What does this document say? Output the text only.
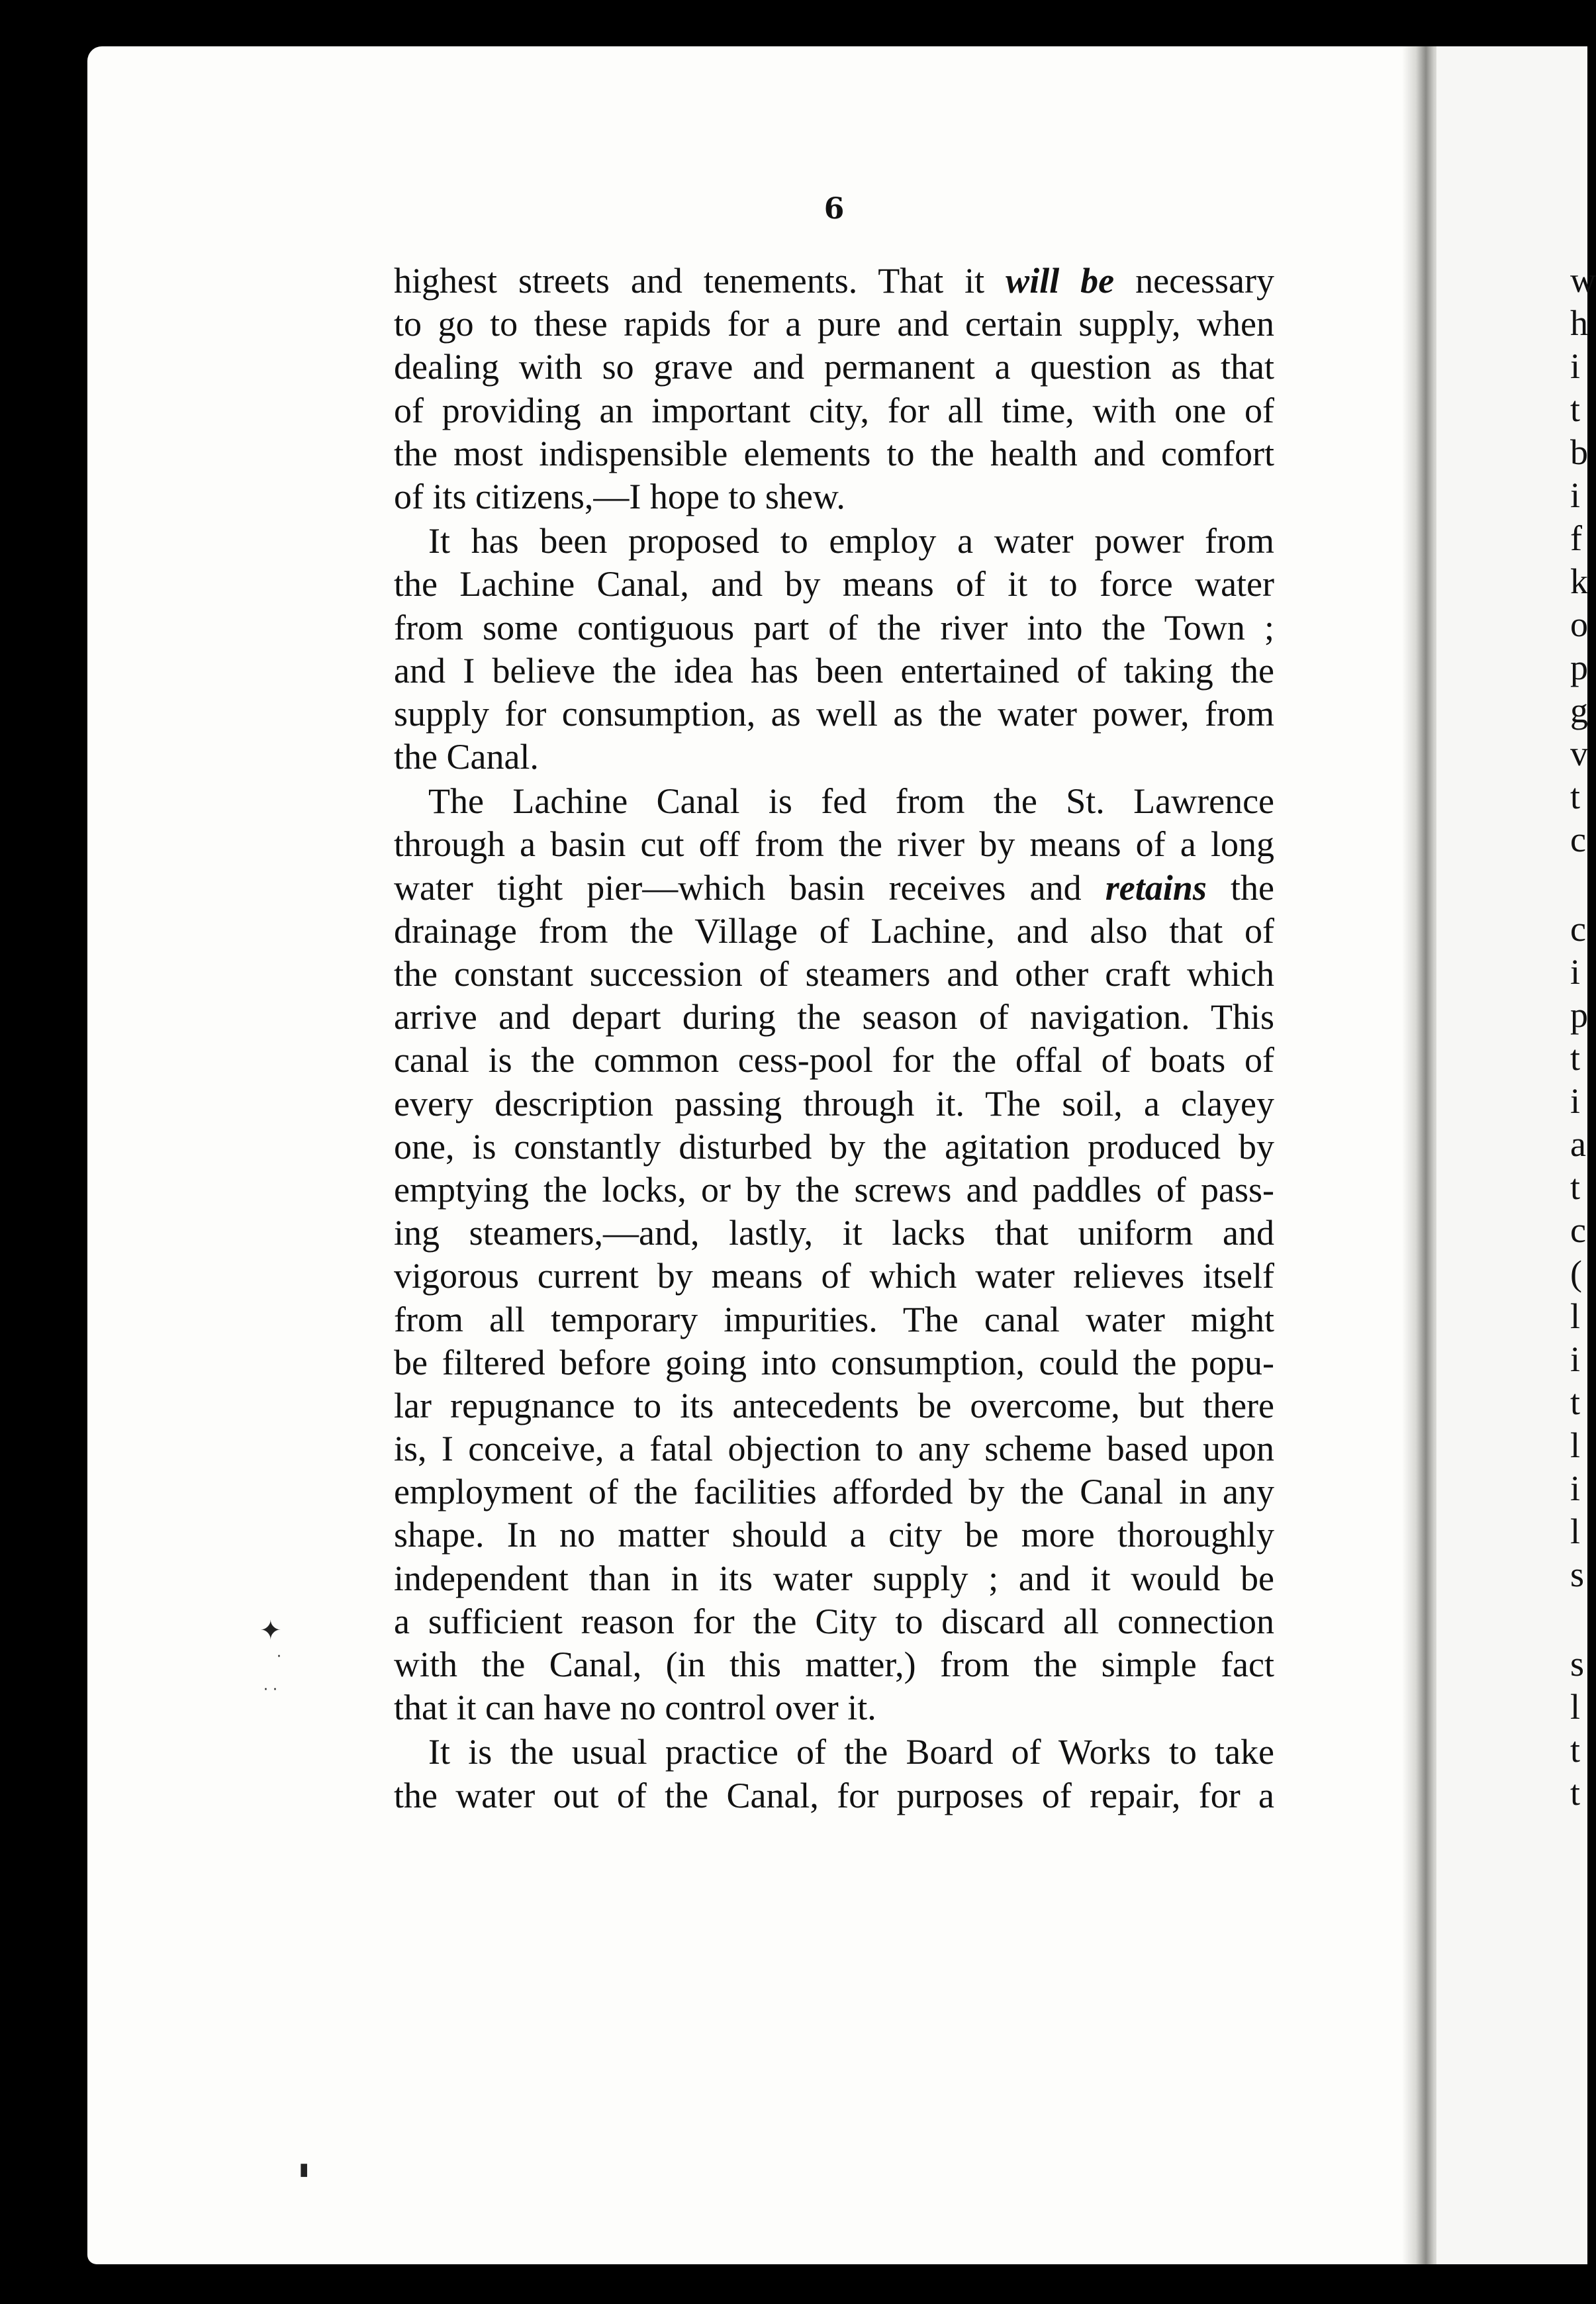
6

highest streets and tenements. That it will be necessary
to go to these rapids for a pure and certain supply, when
dealing with so grave and permanent a question as that
of providing an important city, for all time, with one of
the most indispensible elements to the health and comfort
of its citizens,—I hope to shew.
It has been proposed to employ a water power from
the Lachine Canal, and by means of it to force water
from some contiguous part of the river into the Town ;
and I believe the idea has been entertained of taking the
supply for consumption, as well as the water power, from
the Canal.
The Lachine Canal is fed from the St. Lawrence
through a basin cut off from the river by means of a long
water tight pier—which basin receives and retains the
drainage from the Village of Lachine, and also that of
the constant succession of steamers and other craft which
arrive and depart during the season of navigation. This
canal is the common cess-pool for the offal of boats of
every description passing through it. The soil, a clayey
one, is constantly disturbed by the agitation produced by
emptying the locks, or by the screws and paddles of pass-
ing steamers,—and, lastly, it lacks that uniform and
vigorous current by means of which water relieves itself
from all temporary impurities. The canal water might
be filtered before going into consumption, could the popu-
lar repugnance to its antecedents be overcome, but there
is, I conceive, a fatal objection to any scheme based upon
employment of the facilities afforded by the Canal in any
shape. In no matter should a city be more thoroughly
independent than in its water supply ; and it would be
a sufficient reason for the City to discard all connection
with the Canal, (in this matter,) from the simple fact
that it can have no control over it.
It is the usual practice of the Board of Works to take
the water out of the Canal, for purposes of repair, for a
w
h
i
t
b
i
f
k
o
p
g
v
t
c
c
i
p
t
i
a
t
c
(
l
i
t
l
i
l
s
s
l
t
t
✦
·
· ·
▮
